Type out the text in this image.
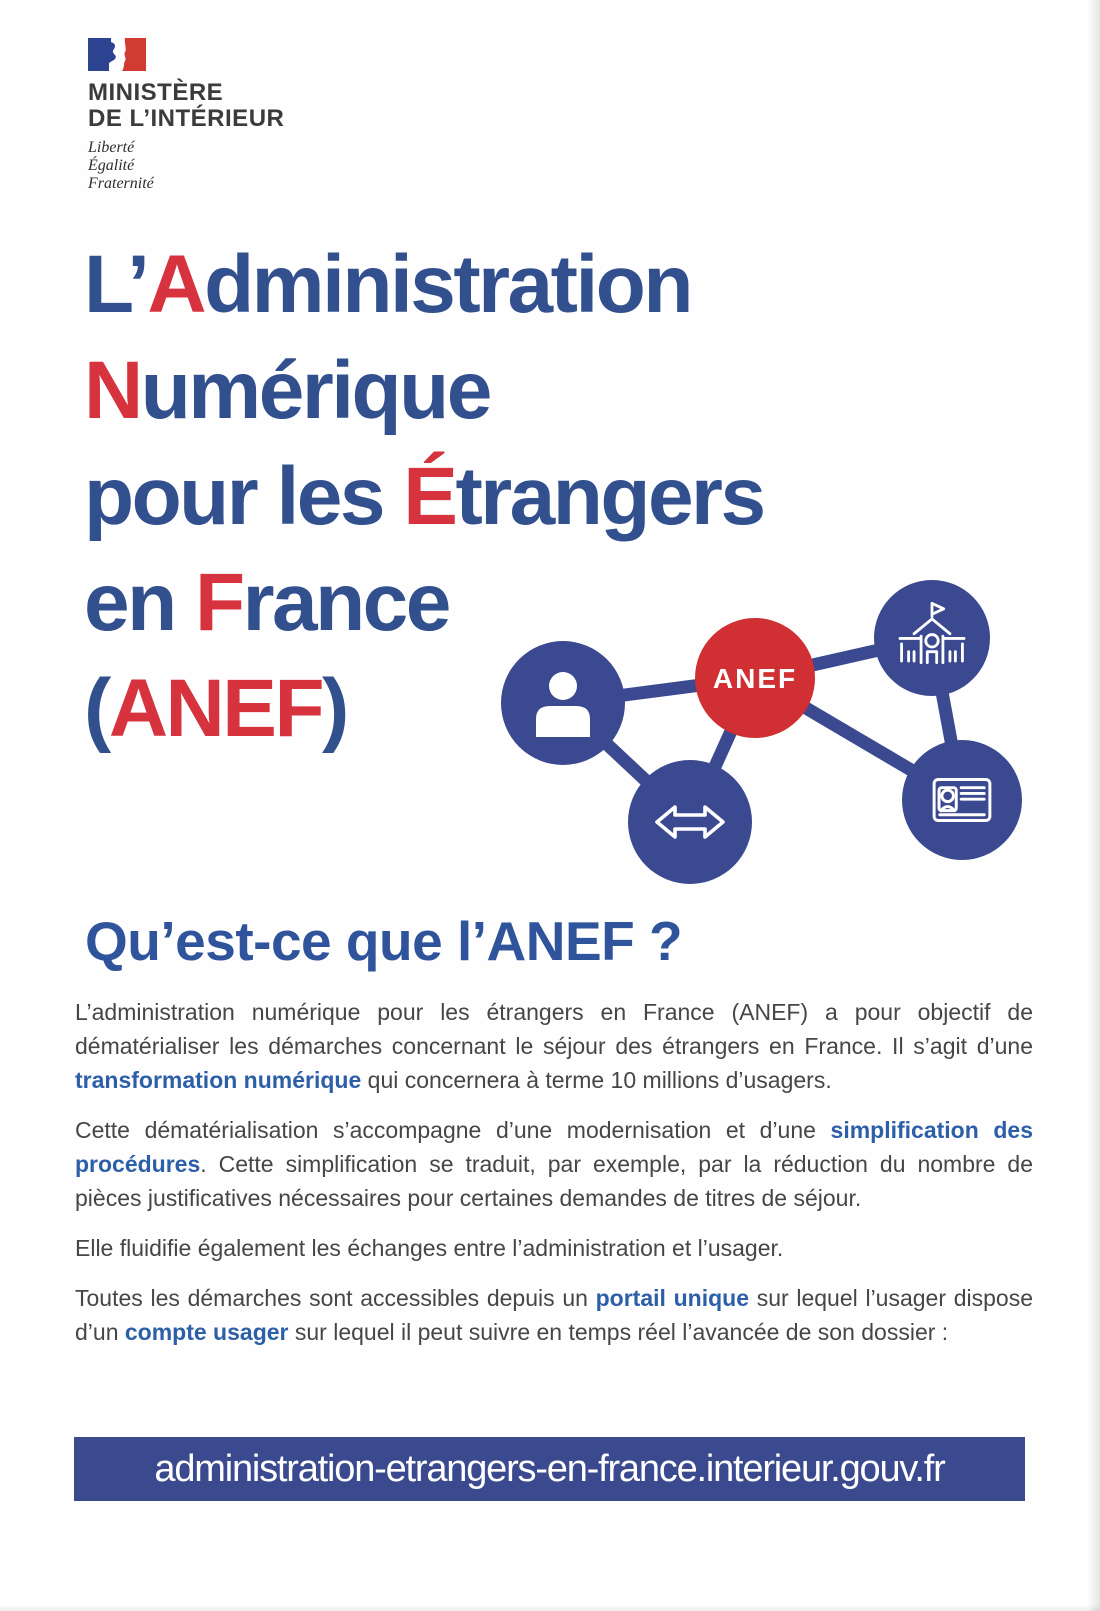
MINISTÈRE
DE L’INTÉRIEUR
Liberté
Égalité
Fraternité
L’Administration
Numérique
pour les Étrangers
en France
(ANEF)	ANEF
Qu’est-ce que l’ANEF ?

L’administration numérique pour les étrangers en France (ANEF) a pour objectif de dématérialiser les démarches concernant le séjour des étrangers en France. Il s’agit d’une transformation numérique qui concernera à terme 10 millions d’usagers.

Cette dématérialisation s’accompagne d’une modernisation et d’une simplification des procédures. Cette simplification se traduit, par exemple, par la réduction du nombre de pièces justificatives nécessaires pour certaines demandes de titres de séjour.

Elle fluidifie également les échanges entre l’administration et l’usager.

Toutes les démarches sont accessibles depuis un portail unique sur lequel l’usager dispose d’un compte usager sur lequel il peut suivre en temps réel l’avancée de son dossier :

administration-etrangers-en-france.interieur.gouv.fr
